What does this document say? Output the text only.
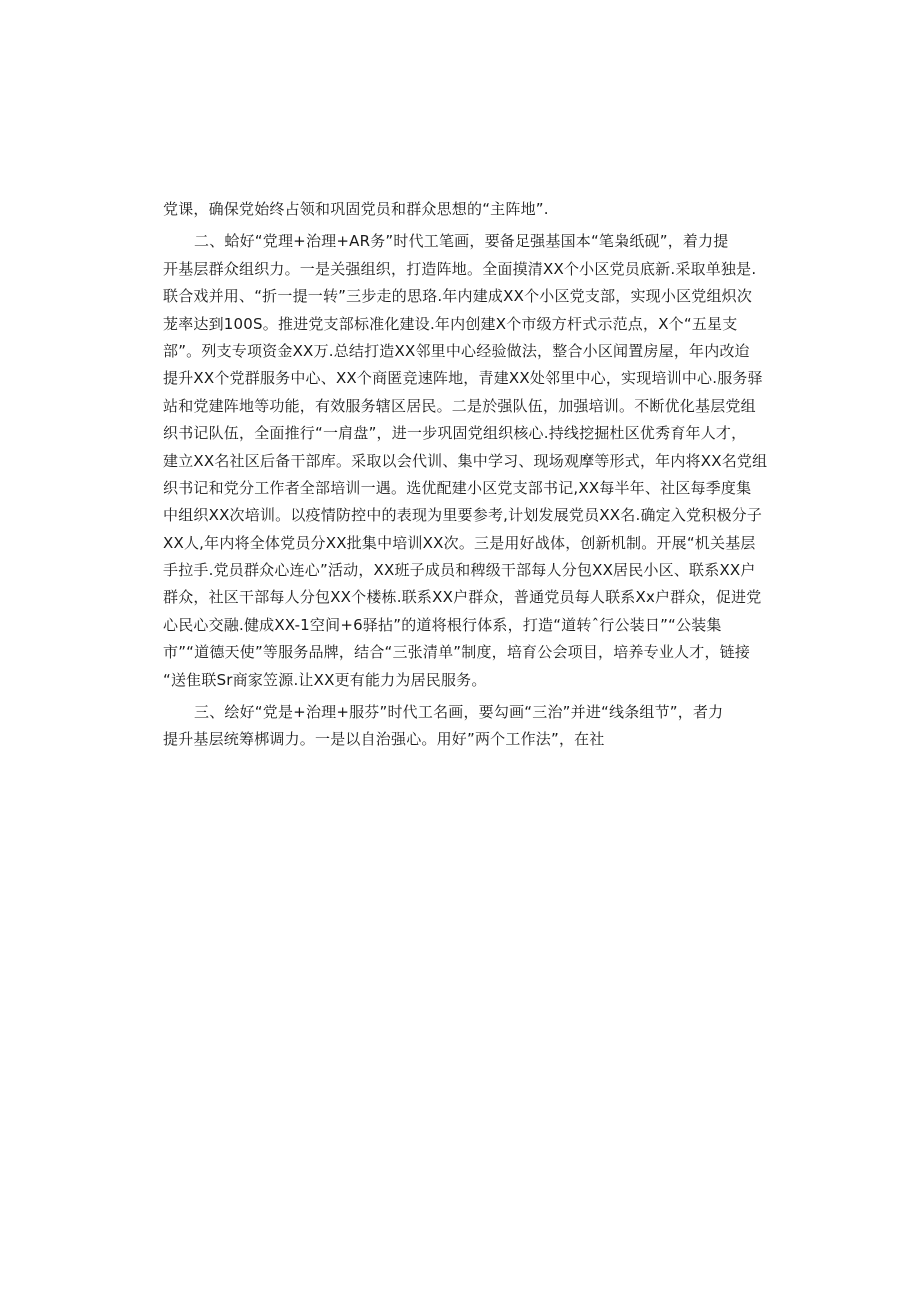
党课，确保党始终占领和巩固党员和群众思想的“主阵地”.
二、蛤好“党理+治理+AR务”时代工笔画，要备足强基国本“笔枭纸砚”，着力提
开基层群众组织力。一是关强组织，打造阵地。全面摸清XX个小区党员底新.采取单独是.
联合戏并用、“折一提一转”三步走的思珞.年内建成XX个小区党支部，实现小区党组炽次
茏率达到100S。推进党支部标准化建设.年内创建X个市级方杆式示范点，X个“五星支
部”。列支专项资金XX万.总结打造XX邻里中心经验做法，整合小区闻置房屋，年内改迨
提升XX个党群服务中心、XX个商匿竞速阵地，青建XX处邻里中心，实现培训中心.服务驿
站和党建阵地等功能，有效服务辖区居民。二是於强队伍，加强培训。不断优化基层党组
织书记队伍，全面推行“一肩盘”，进一步巩固党组织核心.持线挖掘杜区优秀育年人才，
建立XX名社区后备干部库。采取以会代训、集中学习、现场观摩等形式，年内将XX名党组
织书记和党分工作者全部培训一遇。选优配建小区党支部书记,XX每半年、社区每季度集
中组织XX次培训。以疫情防控中的表现为里要参考,计划发展党员XX名.确定入党积极分子
XX人,年内将全体党员分XX批集中培训XX次。三是用好战体，创新机制。开展“机关基层
手拉手.党员群众心连心”活动，XX班子成员和稗级干部每人分包XX居民小区、联系XX户
群众，社区干部每人分包XX个楼栋.联系XX户群众，普通党员每人联系Xx户群众，促进党
心民心交融.健成XX-1空间+6驿拈”的道将根行体系，打造“道转ˆ行公装日”“公装集
市”“道德天使”等服务品牌，结合“三张清单”制度，培育公会项目，培养专业人才，链接
“送隹联Sr商家笠源.让XX更有能力为居民服务。
三、绘好“党是+治理+服芬”时代工名画，要勾画“三治”并进“线条组节”，者力
提升基层统筹梆调力。一是以自治强心。用好”两个工作法”，在社
